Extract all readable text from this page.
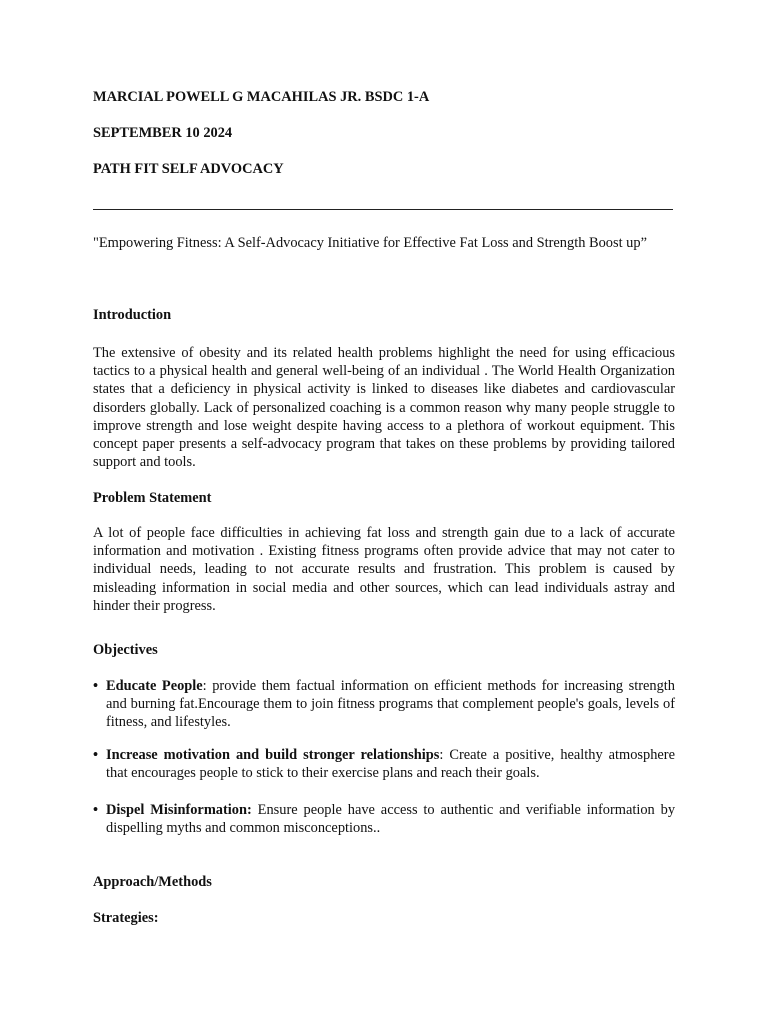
MARCIAL POWELL G MACAHILAS JR. BSDC 1-A
SEPTEMBER 10 2024
PATH FIT SELF ADVOCACY
"Empowering Fitness: A Self-Advocacy Initiative for Effective Fat Loss and Strength Boost up”
Introduction
The extensive of obesity and its related health problems highlight the need for using efficacious tactics to a physical health and general well-being of an individual . The World Health Organization states that a deficiency in physical activity is linked to diseases like diabetes and cardiovascular disorders globally. Lack of personalized coaching is a common reason why many people struggle to improve strength and lose weight despite having access to a plethora of workout equipment. This concept paper presents a self-advocacy program that takes on these problems by providing tailored support and tools.
Problem Statement
A lot of people face difficulties in achieving fat loss and strength gain due to a lack of accurate information and motivation . Existing fitness programs often provide advice that may not cater to individual needs, leading to not accurate results and frustration. This problem is caused by misleading information in social media and other sources, which can lead individuals astray and hinder their progress.
Objectives
• Educate People: provide them factual information on efficient methods for increasing strength and burning fat.Encourage them to join fitness programs that complement people's goals, levels of fitness, and lifestyles.
• Increase motivation and build stronger relationships: Create a positive, healthy atmosphere that encourages people to stick to their exercise plans and reach their goals.
• Dispel Misinformation: Ensure people have access to authentic and verifiable information by dispelling myths and common misconceptions..
Approach/Methods
Strategies:
